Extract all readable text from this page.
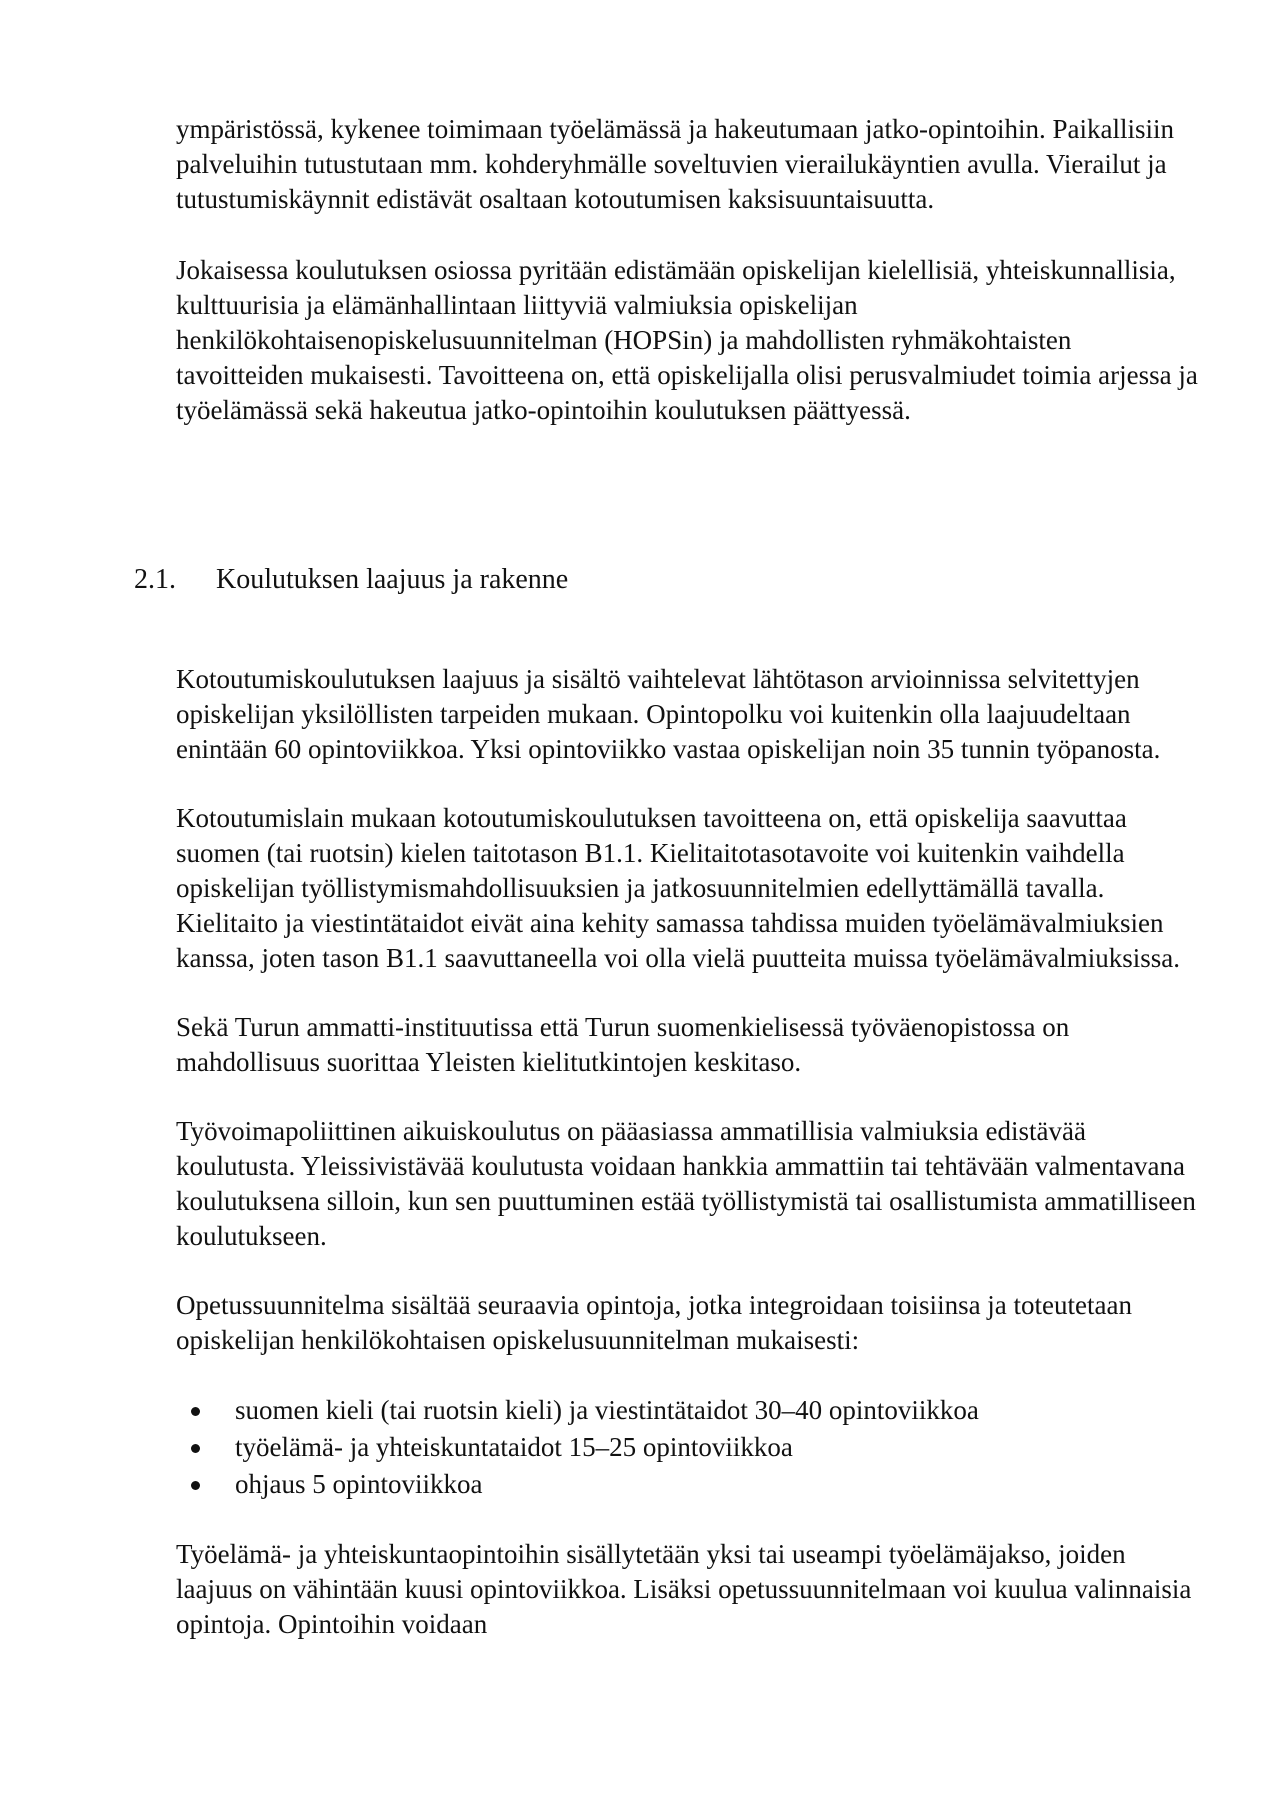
ympäristössä, kykenee toimimaan työelämässä ja hakeutumaan jatko-opintoihin. Paikallisiin palveluihin tutustutaan mm. kohderyhmälle soveltuvien vierailukäyntien avulla. Vierailut ja tutustumiskäynnit edistävät osaltaan kotoutumisen kaksisuuntaisuutta.

Jokaisessa koulutuksen osiossa pyritään edistämään opiskelijan kielellisiä, yhteiskunnallisia, kulttuurisia ja elämänhallintaan liittyviä valmiuksia opiskelijan henkilökohtaisenopiskelusuunnitelman (HOPSin) ja mahdollisten ryhmäkohtaisten tavoitteiden mukaisesti. Tavoitteena on, että opiskelijalla olisi perusvalmiudet toimia arjessa ja työelämässä sekä hakeutua jatko-opintoihin koulutuksen päättyessä.

2.1. Koulutuksen laajuus ja rakenne

Kotoutumiskoulutuksen laajuus ja sisältö vaihtelevat lähtötason arvioinnissa selvitettyjen opiskelijan yksilöllisten tarpeiden mukaan. Opintopolku voi kuitenkin olla laajuudeltaan enintään 60 opintoviikkoa. Yksi opintoviikko vastaa opiskelijan noin 35 tunnin työpanosta.

Kotoutumislain mukaan kotoutumiskoulutuksen tavoitteena on, että opiskelija saavuttaa suomen (tai ruotsin) kielen taitotason B1.1. Kielitaitotasotavoite voi kuitenkin vaihdella opiskelijan työllistymismahdollisuuksien ja jatkosuunnitelmien edellyttämällä tavalla. Kielitaito ja viestintätaidot eivät aina kehity samassa tahdissa muiden työelämävalmiuksien kanssa, joten tason B1.1 saavuttaneella voi olla vielä puutteita muissa työelämävalmiuksissa.

Sekä Turun ammatti-instituutissa että Turun suomenkielisessä työväenopistossa on mahdollisuus suorittaa Yleisten kielitutkintojen keskitaso.

Työvoimapoliittinen aikuiskoulutus on pääasiassa ammatillisia valmiuksia edistävää koulutusta. Yleissivistävää koulutusta voidaan hankkia ammattiin tai tehtävään valmentavana koulutuksena silloin, kun sen puuttuminen estää työllistymistä tai osallistumista ammatilliseen koulutukseen.

Opetussuunnitelma sisältää seuraavia opintoja, jotka integroidaan toisiinsa ja toteutetaan opiskelijan henkilökohtaisen opiskelusuunnitelman mukaisesti:

suomen kieli (tai ruotsin kieli) ja viestintätaidot 30–40 opintoviikkoa
työelämä- ja yhteiskuntataidot 15–25 opintoviikkoa
ohjaus 5 opintoviikkoa

Työelämä- ja yhteiskuntaopintoihin sisällytetään yksi tai useampi työelämäjakso, joiden laajuus on vähintään kuusi opintoviikkoa. Lisäksi opetussuunnitelmaan voi kuulua valinnaisia opintoja. Opintoihin voidaan
